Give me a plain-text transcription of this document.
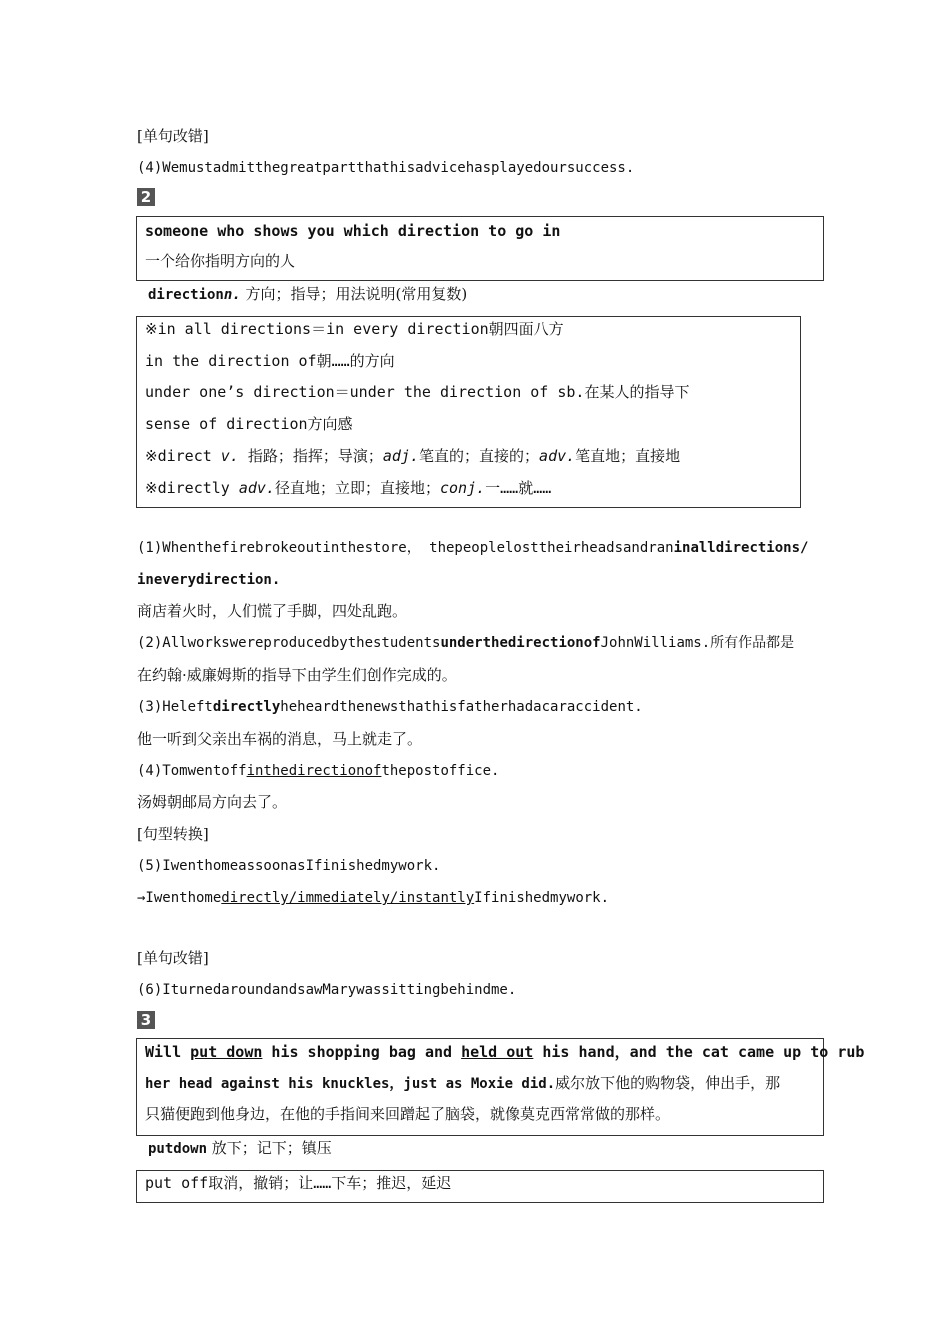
[单句改错]
(4)Wemustadmitthegreatpartthathisadvicehasplayedoursuccess.
2
someone who shows you which direction to go in
一个给你指明方向的人
directionn. 方向；指导；用法说明(常用复数)
※in all directions＝in every direction朝四面八方
in the direction of朝……的方向
under one’s direction＝under the direction of sb.在某人的指导下
sense of direction方向感
※direct v. 指路；指挥；导演；adj.笔直的；直接的；adv.笔直地；直接地
※directly adv.径直地；立即；直接地；conj.一……就……
(1)Whenthefirebrokeoutinthestore， thepeoplelosttheirheadsandraninalldirections/
ineverydirection.
商店着火时，人们慌了手脚，四处乱跑。
(2)AllworkswereproducedbythestudentsunderthedirectionofJohnWilliams.所有作品都是
在约翰·威廉姆斯的指导下由学生们创作完成的。
(3)Heleftdirectlyheheardthenewsthathisfatherhadacaraccident.
他一听到父亲出车祸的消息，马上就走了。
(4)Tomwentoffinthedirectionofthepostoffice.
汤姆朝邮局方向去了。
[句型转换]
(5)IwenthomeassoonasIfinishedmywork.
→Iwenthomedirectly/immediately/instantlyIfinishedmywork.
[单句改错]
(6)IturnedaroundandsawMarywassittingbehindme.
3
Will put down his shopping bag and held out his hand，and the cat came up to rub
her head against his knuckles，just as Moxie did.威尔放下他的购物袋，伸出手，那
只猫便跑到他身边，在他的手指间来回蹭起了脑袋，就像莫克西常常做的那样。
putdown 放下；记下；镇压
put off取消，撤销；让……下车；推迟，延迟
